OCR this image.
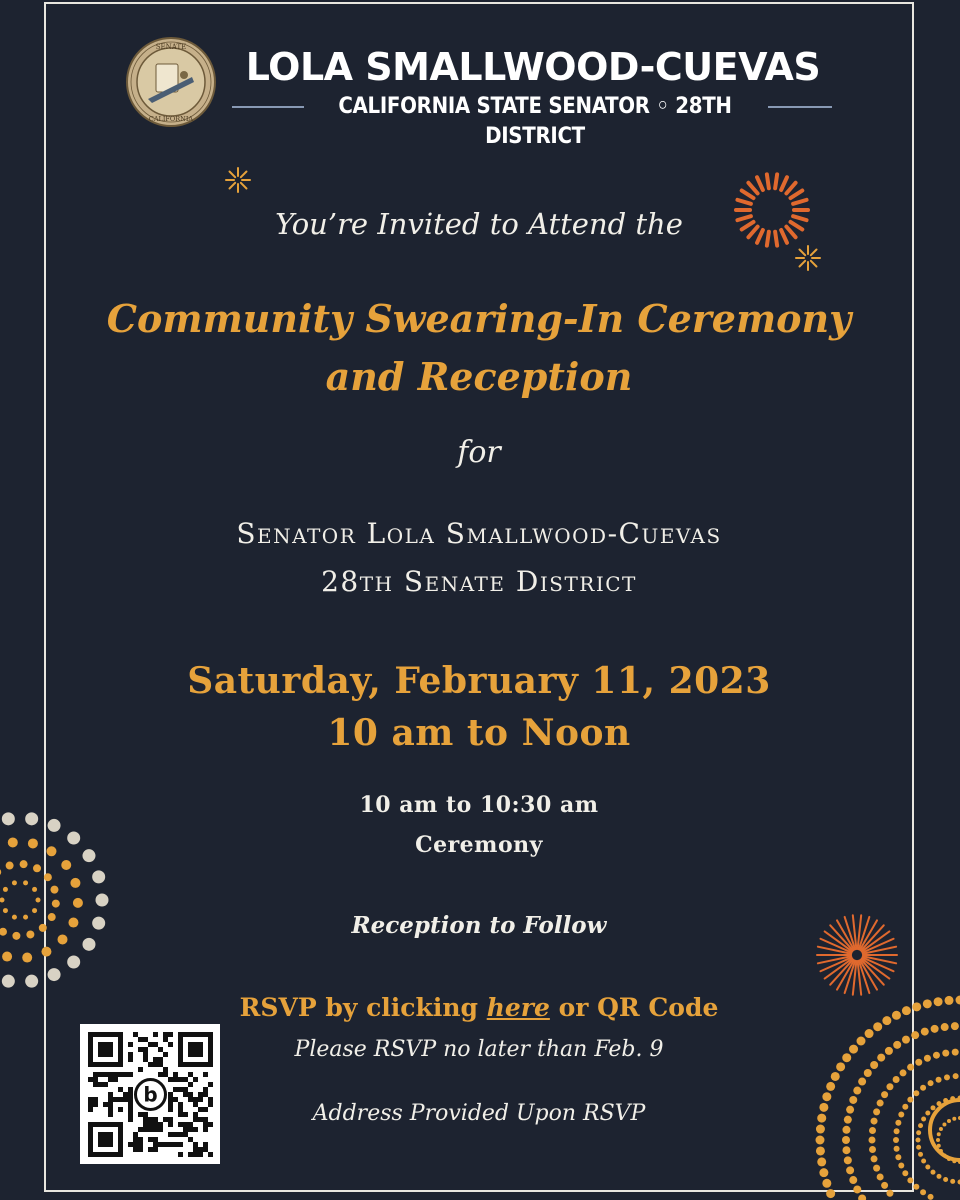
SENATE
CALIFORNIA
LOLA SMALLWOOD-CUEVAS
CALIFORNIA STATE SENATOR ◦ 28TH DISTRICT
You’re Invited to Attend the
Community Swearing-In Ceremony
and Reception
for
Senator Lola Smallwood-Cuevas
28th Senate District
Saturday, February 11, 2023
10 am to Noon
10 am to 10:30 am
Ceremony
Reception to Follow
RSVP by clicking here or QR Code
Please RSVP no later than Feb. 9
Address Provided Upon RSVP
b
